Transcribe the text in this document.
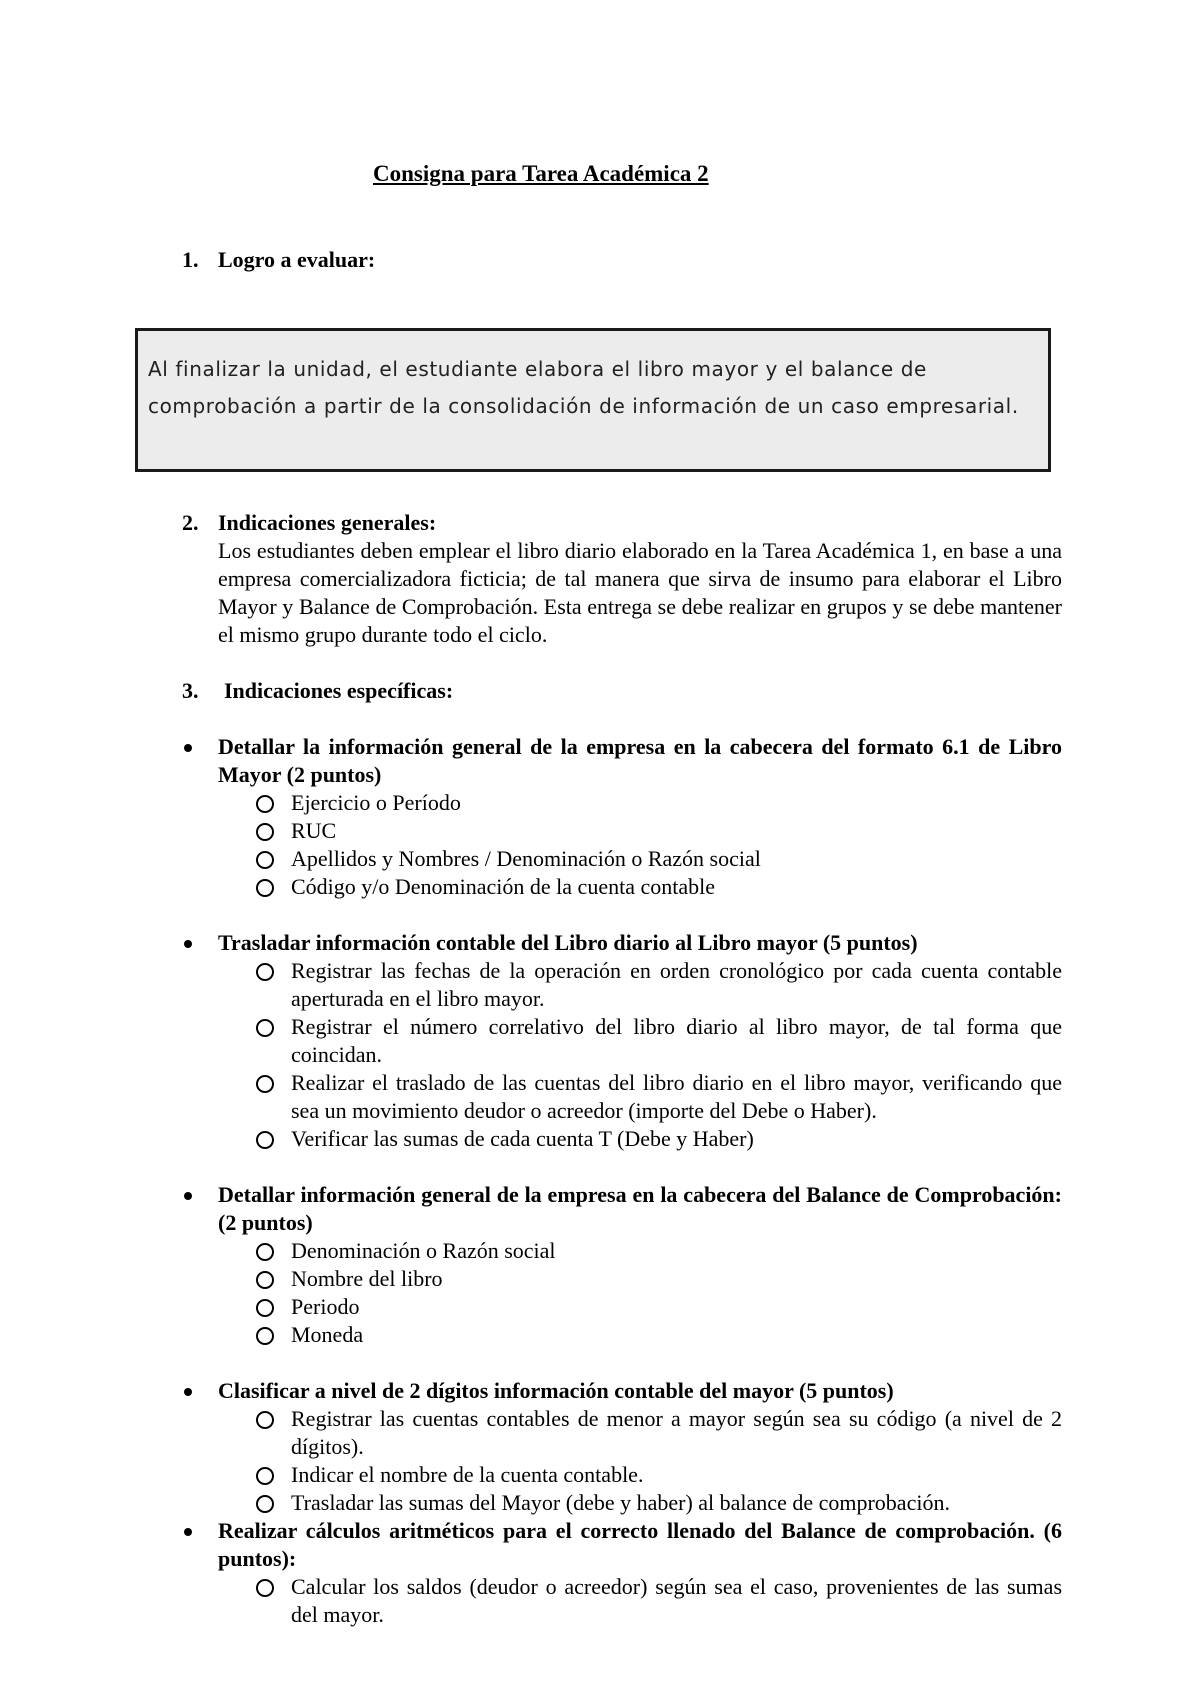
Consigna para Tarea Académica 2
1. Logro a evaluar:
Al finalizar la unidad, el estudiante elabora el libro mayor y el balance de comprobación a partir de la consolidación de información de un caso empresarial.
2. Indicaciones generales:
Los estudiantes deben emplear el libro diario elaborado en la Tarea Académica 1, en base a una empresa comercializadora ficticia; de tal manera que sirva de insumo para elaborar el Libro Mayor y Balance de Comprobación. Esta entrega se debe realizar en grupos y se debe mantener el mismo grupo durante todo el ciclo.
3. Indicaciones específicas:
Detallar la información general de la empresa en la cabecera del formato 6.1 de Libro Mayor (2 puntos)
Ejercicio o Período
RUC
Apellidos y Nombres / Denominación o Razón social
Código y/o Denominación de la cuenta contable
Trasladar información contable del Libro diario al Libro mayor (5 puntos)
Registrar las fechas de la operación en orden cronológico por cada cuenta contable aperturada en el libro mayor.
Registrar el número correlativo del libro diario al libro mayor, de tal forma que coincidan.
Realizar el traslado de las cuentas del libro diario en el libro mayor, verificando que sea un movimiento deudor o acreedor (importe del Debe o Haber).
Verificar las sumas de cada cuenta T (Debe y Haber)
Detallar información general de la empresa en la cabecera del Balance de Comprobación: (2 puntos)
Denominación o Razón social
Nombre del libro
Periodo
Moneda
Clasificar a nivel de 2 dígitos información contable del mayor (5 puntos)
Registrar las cuentas contables de menor a mayor según sea su código (a nivel de 2 dígitos).
Indicar el nombre de la cuenta contable.
Trasladar las sumas del Mayor (debe y haber) al balance de comprobación.
Realizar cálculos aritméticos para el correcto llenado del Balance de comprobación. (6 puntos):
Calcular los saldos (deudor o acreedor) según sea el caso, provenientes de las sumas del mayor.
